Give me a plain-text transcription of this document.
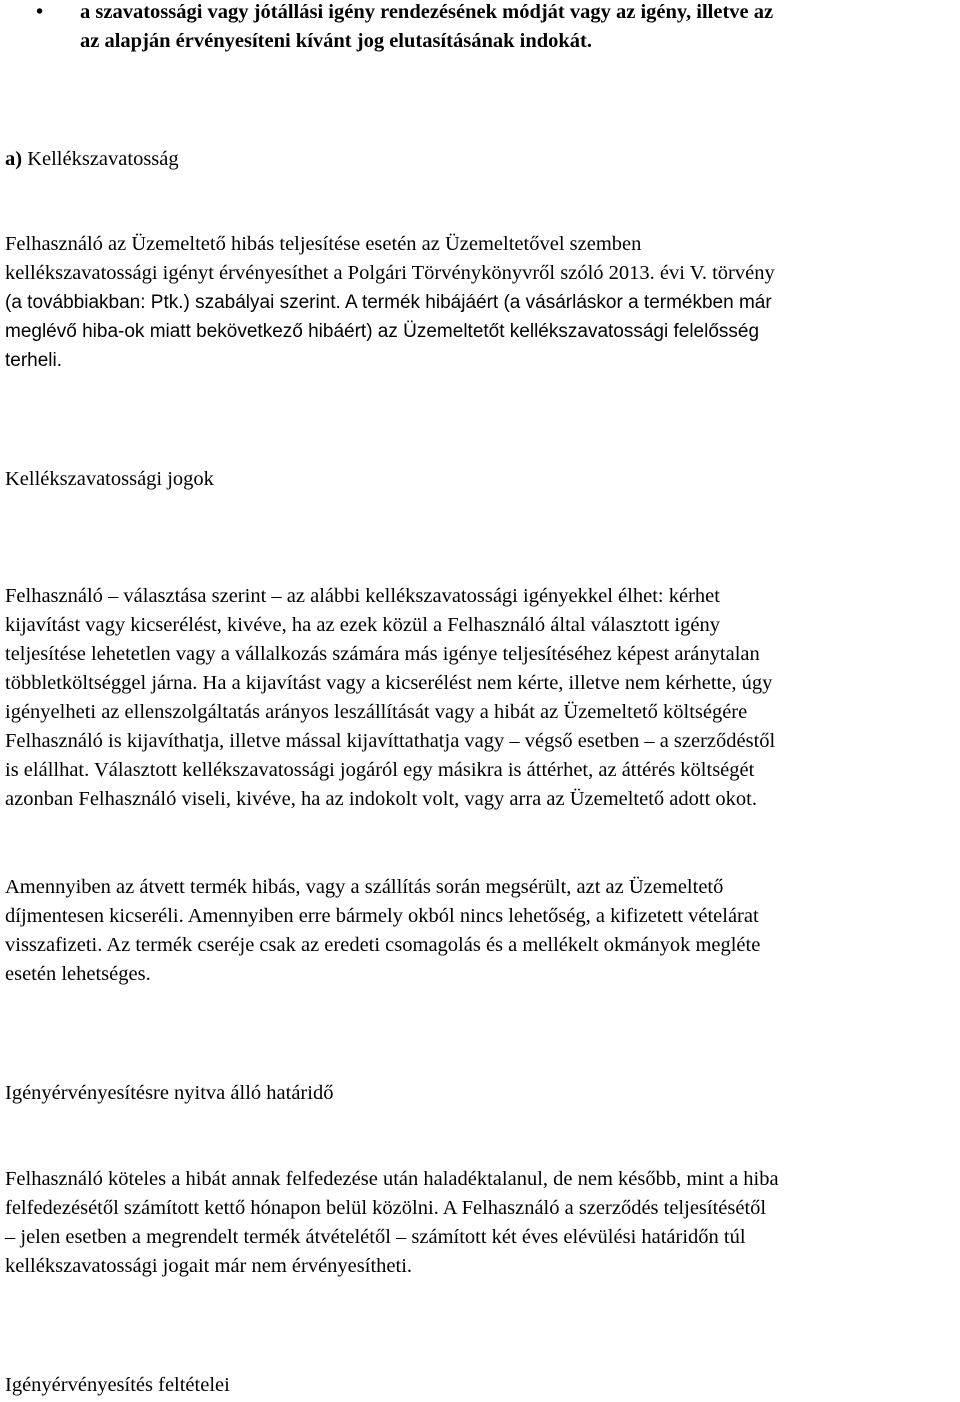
•	a szavatossági vagy jótállási igény rendezésének módját vagy az igény, illetve az
az alapján érvényesíteni kívánt jog elutasításának indokát.
a) Kellékszavatosság
Felhasználó az Üzemeltető hibás teljesítése esetén az Üzemeltetővel szemben
kellékszavatossági igényt érvényesíthet a Polgári Törvénykönyvről szóló 2013. évi V. törvény
(a továbbiakban: Ptk.) szabályai szerint. A termék hibájáért (a vásárláskor a termékben már
meglévő hiba-ok miatt bekövetkező hibáért) az Üzemeltetőt kellékszavatossági felelősség
terheli.
Kellékszavatossági jogok
Felhasználó – választása szerint – az alábbi kellékszavatossági igényekkel élhet: kérhet
kijavítást vagy kicserélést, kivéve, ha az ezek közül a Felhasználó által választott igény
teljesítése lehetetlen vagy a vállalkozás számára más igénye teljesítéséhez képest aránytalan
többletköltséggel járna. Ha a kijavítást vagy a kicserélést nem kérte, illetve nem kérhette, úgy
igényelheti az ellenszolgáltatás arányos leszállítását vagy a hibát az Üzemeltető költségére
Felhasználó is kijavíthatja, illetve mással kijavíttathatja vagy – végső esetben – a szerződéstől
is elállhat. Választott kellékszavatossági jogáról egy másikra is áttérhet, az áttérés költségét
azonban Felhasználó viseli, kivéve, ha az indokolt volt, vagy arra az Üzemeltető adott okot.
Amennyiben az átvett termék hibás, vagy a szállítás során megsérült, azt az Üzemeltető
díjmentesen kicseréli. Amennyiben erre bármely okból nincs lehetőség, a kifizetett vételárat
visszafizeti. Az termék cseréje csak az eredeti csomagolás és a mellékelt okmányok megléte
esetén lehetséges.
Igényérvényesítésre nyitva álló határidő
Felhasználó köteles a hibát annak felfedezése után haladéktalanul, de nem később, mint a hiba
felfedezésétől számított kettő hónapon belül közölni. A Felhasználó a szerződés teljesítésétől
– jelen esetben a megrendelt termék átvételétől – számított két éves elévülési határidőn túl
kellékszavatossági jogait már nem érvényesítheti.
Igényérvényesítés feltételei
